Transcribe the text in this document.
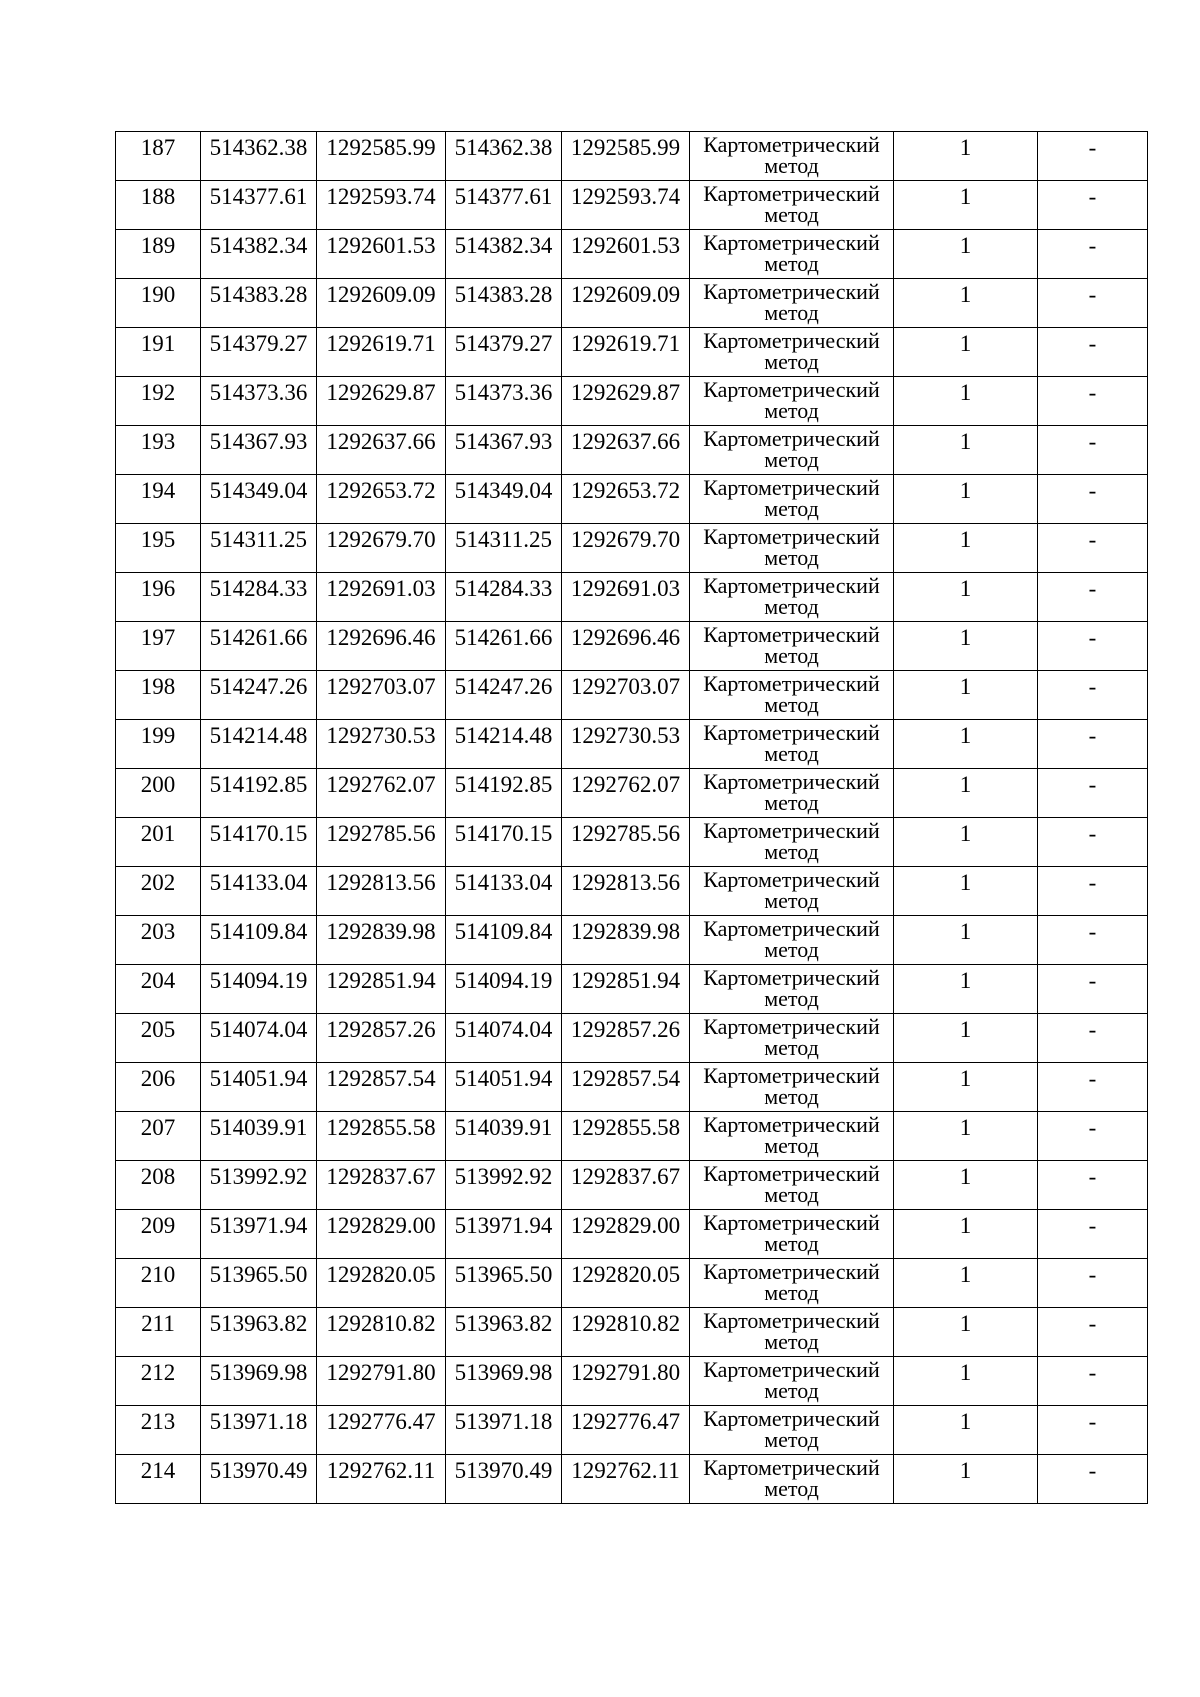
187	514362.38	1292585.99	514362.38	1292585.99	Картометрический
метод	1	-

188	514377.61	1292593.74	514377.61	1292593.74	Картометрический
метод	1	-

189	514382.34	1292601.53	514382.34	1292601.53	Картометрический
метод	1	-

190	514383.28	1292609.09	514383.28	1292609.09	Картометрический
метод	1	-

191	514379.27	1292619.71	514379.27	1292619.71	Картометрический
метод	1	-

192	514373.36	1292629.87	514373.36	1292629.87	Картометрический
метод	1	-

193	514367.93	1292637.66	514367.93	1292637.66	Картометрический
метод	1	-

194	514349.04	1292653.72	514349.04	1292653.72	Картометрический
метод	1	-

195	514311.25	1292679.70	514311.25	1292679.70	Картометрический
метод	1	-

196	514284.33	1292691.03	514284.33	1292691.03	Картометрический
метод	1	-

197	514261.66	1292696.46	514261.66	1292696.46	Картометрический
метод	1	-

198	514247.26	1292703.07	514247.26	1292703.07	Картометрический
метод	1	-

199	514214.48	1292730.53	514214.48	1292730.53	Картометрический
метод	1	-

200	514192.85	1292762.07	514192.85	1292762.07	Картометрический
метод	1	-

201	514170.15	1292785.56	514170.15	1292785.56	Картометрический
метод	1	-

202	514133.04	1292813.56	514133.04	1292813.56	Картометрический
метод	1	-

203	514109.84	1292839.98	514109.84	1292839.98	Картометрический
метод	1	-

204	514094.19	1292851.94	514094.19	1292851.94	Картометрический
метод	1	-

205	514074.04	1292857.26	514074.04	1292857.26	Картометрический
метод	1	-

206	514051.94	1292857.54	514051.94	1292857.54	Картометрический
метод	1	-

207	514039.91	1292855.58	514039.91	1292855.58	Картометрический
метод	1	-

208	513992.92	1292837.67	513992.92	1292837.67	Картометрический
метод	1	-

209	513971.94	1292829.00	513971.94	1292829.00	Картометрический
метод	1	-

210	513965.50	1292820.05	513965.50	1292820.05	Картометрический
метод	1	-

211	513963.82	1292810.82	513963.82	1292810.82	Картометрический
метод	1	-

212	513969.98	1292791.80	513969.98	1292791.80	Картометрический
метод	1	-

213	513971.18	1292776.47	513971.18	1292776.47	Картометрический
метод	1	-

214	513970.49	1292762.11	513970.49	1292762.11	Картометрический
метод	1	-
